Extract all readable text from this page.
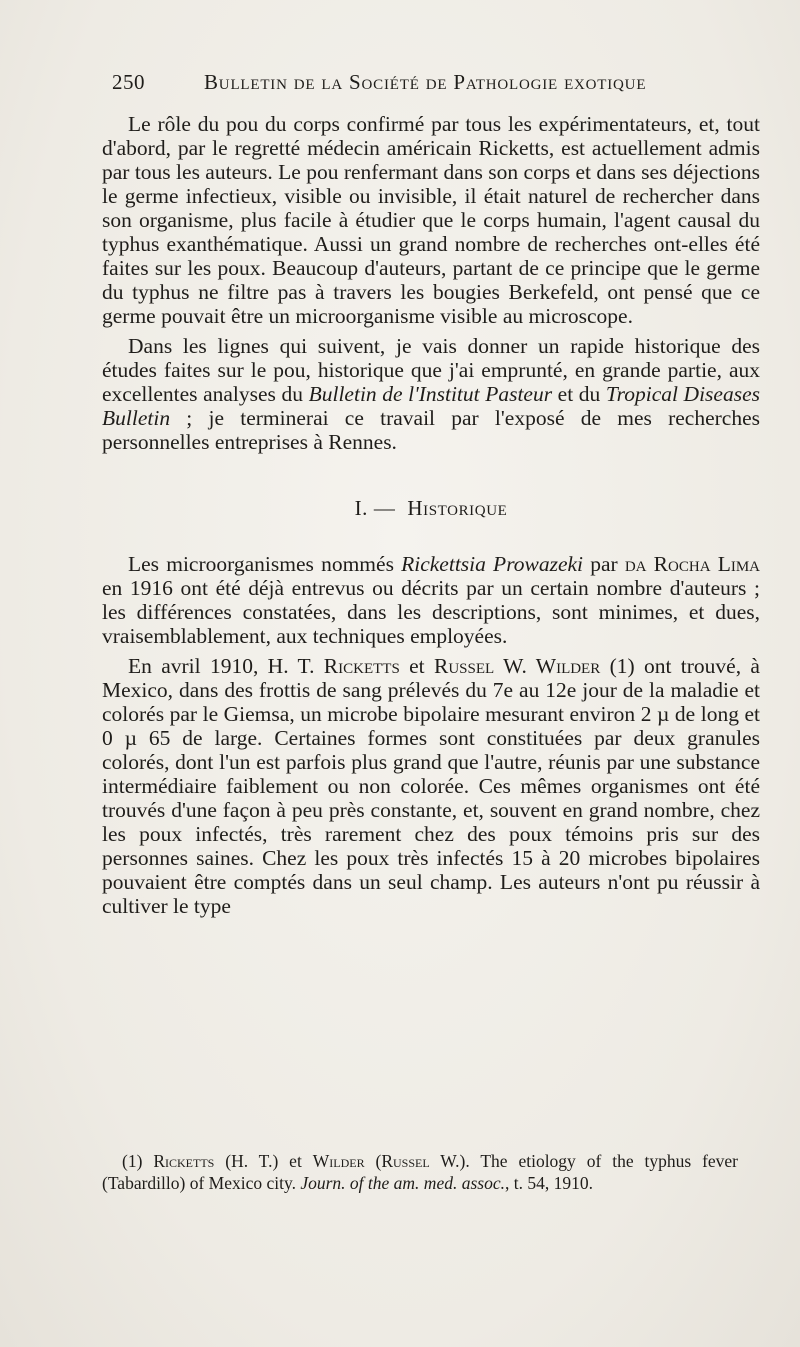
250	Bulletin de la Société de Pathologie exotique

Le rôle du pou du corps confirmé par tous les expérimentateurs, et, tout d'abord, par le regretté médecin américain Ricketts, est actuellement admis par tous les auteurs. Le pou renfermant dans son corps et dans ses déjections le germe infectieux, visible ou invisible, il était naturel de rechercher dans son organisme, plus facile à étudier que le corps humain, l'agent causal du typhus exanthématique. Aussi un grand nombre de recherches ont-elles été faites sur les poux. Beaucoup d'auteurs, partant de ce principe que le germe du typhus ne filtre pas à travers les bougies Berkefeld, ont pensé que ce germe pouvait être un microorganisme visible au microscope.

Dans les lignes qui suivent, je vais donner un rapide historique des études faites sur le pou, historique que j'ai emprunté, en grande partie, aux excellentes analyses du Bulletin de l'Institut Pasteur et du Tropical Diseases Bulletin ; je terminerai ce travail par l'exposé de mes recherches personnelles entreprises à Rennes.

I. — Historique

Les microorganismes nommés Rickettsia Prowazeki par da Rocha Lima en 1916 ont été déjà entrevus ou décrits par un certain nombre d'auteurs ; les différences constatées, dans les descriptions, sont minimes, et dues, vraisemblablement, aux techniques employées.

En avril 1910, H. T. Ricketts et Russel W. Wilder (1) ont trouvé, à Mexico, dans des frottis de sang prélevés du 7e au 12e jour de la maladie et colorés par le Giemsa, un microbe bipolaire mesurant environ 2 µ de long et 0 µ 65 de large. Certaines formes sont constituées par deux granules colorés, dont l'un est parfois plus grand que l'autre, réunis par une substance intermédiaire faiblement ou non colorée. Ces mêmes organismes ont été trouvés d'une façon à peu près constante, et, souvent en grand nombre, chez les poux infectés, très rarement chez des poux témoins pris sur des personnes saines. Chez les poux très infectés 15 à 20 microbes bipolaires pouvaient être comptés dans un seul champ. Les auteurs n'ont pu réussir à cultiver le type

(1) Ricketts (H. T.) et Wilder (Russel W.). The etiology of the typhus fever (Tabardillo) of Mexico city. Journ. of the am. med. assoc., t. 54, 1910.
